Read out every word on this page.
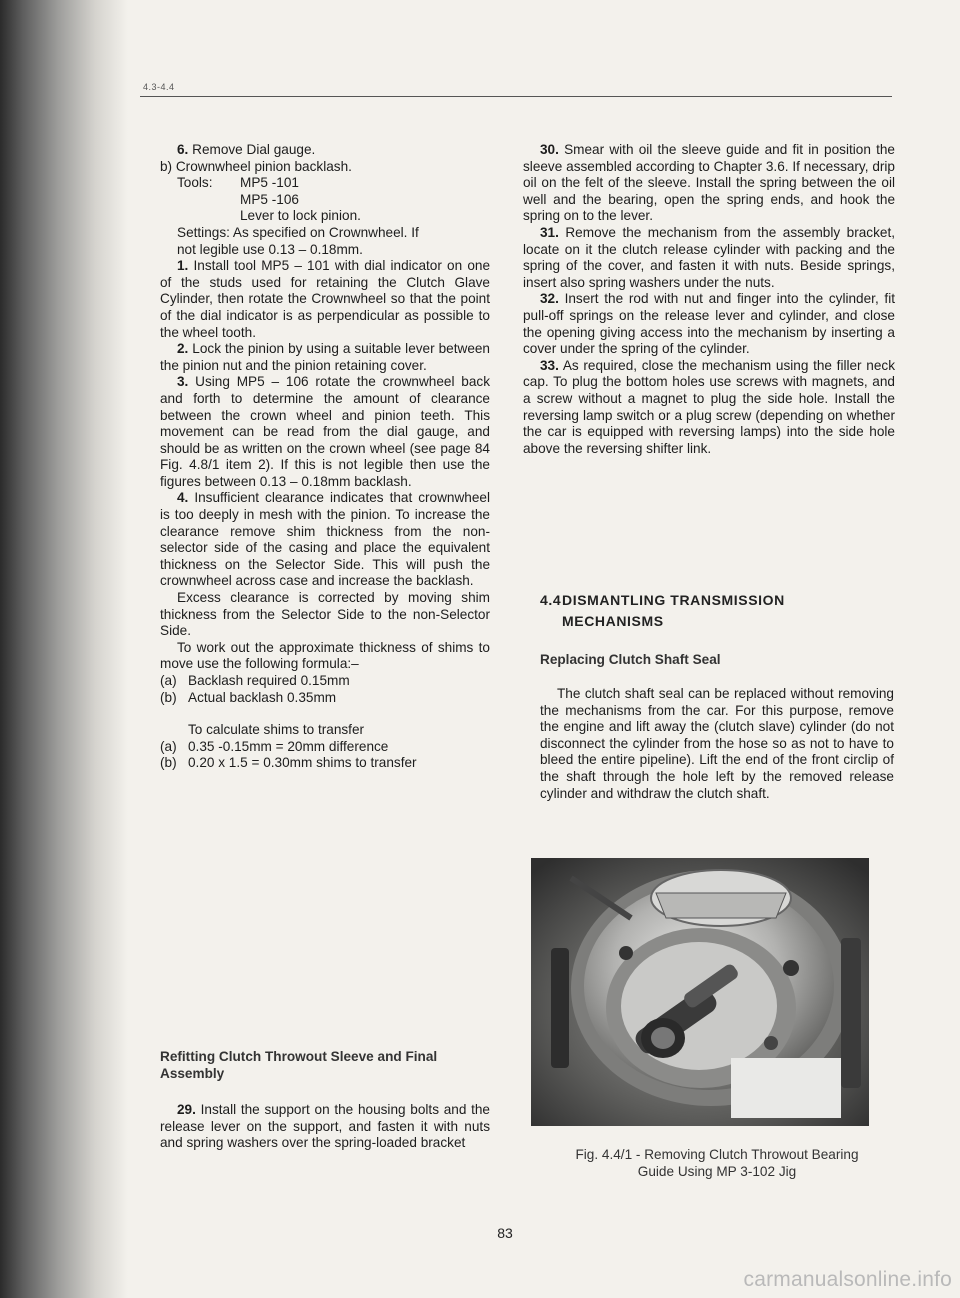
4.3-4.4

6. Remove Dial gauge.

b) Crownwheel pinion backlash.

Tools:	MP5 -101
MP5 -106
Lever to lock pinion.

Settings: As specified on Crownwheel. If

not legible use 0.13 – 0.18mm.

1. Install tool MP5 – 101 with dial indicator on one of the studs used for retaining the Clutch Glave Cylinder, then rotate the Crownwheel so that the point of the dial indicator is as perpendicular as possible to the wheel tooth.

2. Lock the pinion by using a suitable lever between the pinion nut and the pinion retaining cover.

3. Using MP5 – 106 rotate the crownwheel back and forth to determine the amount of clearance between the crown wheel and pinion teeth. This movement can be read from the dial gauge, and should be as written on the crown wheel (see page 84 Fig. 4.8/1 item 2). If this is not legible then use the figures between 0.13 – 0.18mm backlash.

4. Insufficient clearance indicates that crownwheel is too deeply in mesh with the pinion. To increase the clearance remove shim thickness from the non-selector side of the casing and place the equivalent thickness on the Selector Side. This will push the crownwheel across case and increase the backlash.

Excess clearance is corrected by moving shim thickness from the Selector Side to the non-Selector Side.

To work out the approximate thickness of shims to move use the following formula:–

(a) Backlash required 0.15mm
(b) Actual backlash 0.35mm

To calculate shims to transfer

(a) 0.35 -0.15mm = 20mm difference
(b) 0.20 x 1.5 = 0.30mm shims to transfer
Refitting Clutch Throwout Sleeve and Final Assembly

29. Install the support on the housing bolts and the release lever on the support, and fasten it with nuts and spring washers over the spring-loaded bracket

30. Smear with oil the sleeve guide and fit in position the sleeve assembled according to Chapter 3.6. If necessary, drip oil on the felt of the sleeve. Install the spring between the oil well and the bearing, open the spring ends, and hook the spring on to the lever.

31. Remove the mechanism from the assembly bracket, locate on it the clutch release cylinder with packing and the spring of the cover, and fasten it with nuts. Beside springs, insert also spring washers under the nuts.

32. Insert the rod with nut and finger into the cylinder, fit pull-off springs on the release lever and cylinder, and close the opening giving access into the mechanism by inserting a cover under the spring of the cylinder.

33. As required, close the mechanism using the filler neck cap. To plug the bottom holes use screws with magnets, and a screw without a magnet to plug the side hole. Install the reversing lamp switch or a plug screw (depending on whether the car is equipped with reversing lamps) into the side hole above the reversing shifter link.

4.4DISMANTLING TRANSMISSION
MECHANISMS
Replacing Clutch Shaft Seal

The clutch shaft seal can be replaced without removing the mechanisms from the car. For this purpose, remove the engine and lift away the (clutch slave) cylinder (do not disconnect the cylinder from the hose so as not to have to bleed the entire pipeline). Lift the end of the front circlip of the shaft through the hole left by the removed release cylinder and withdraw the clutch shaft.

Fig. 4.4/1 - Removing Clutch Throwout Bearing
Guide Using MP 3-102 Jig
83
carmanualsonline.info
